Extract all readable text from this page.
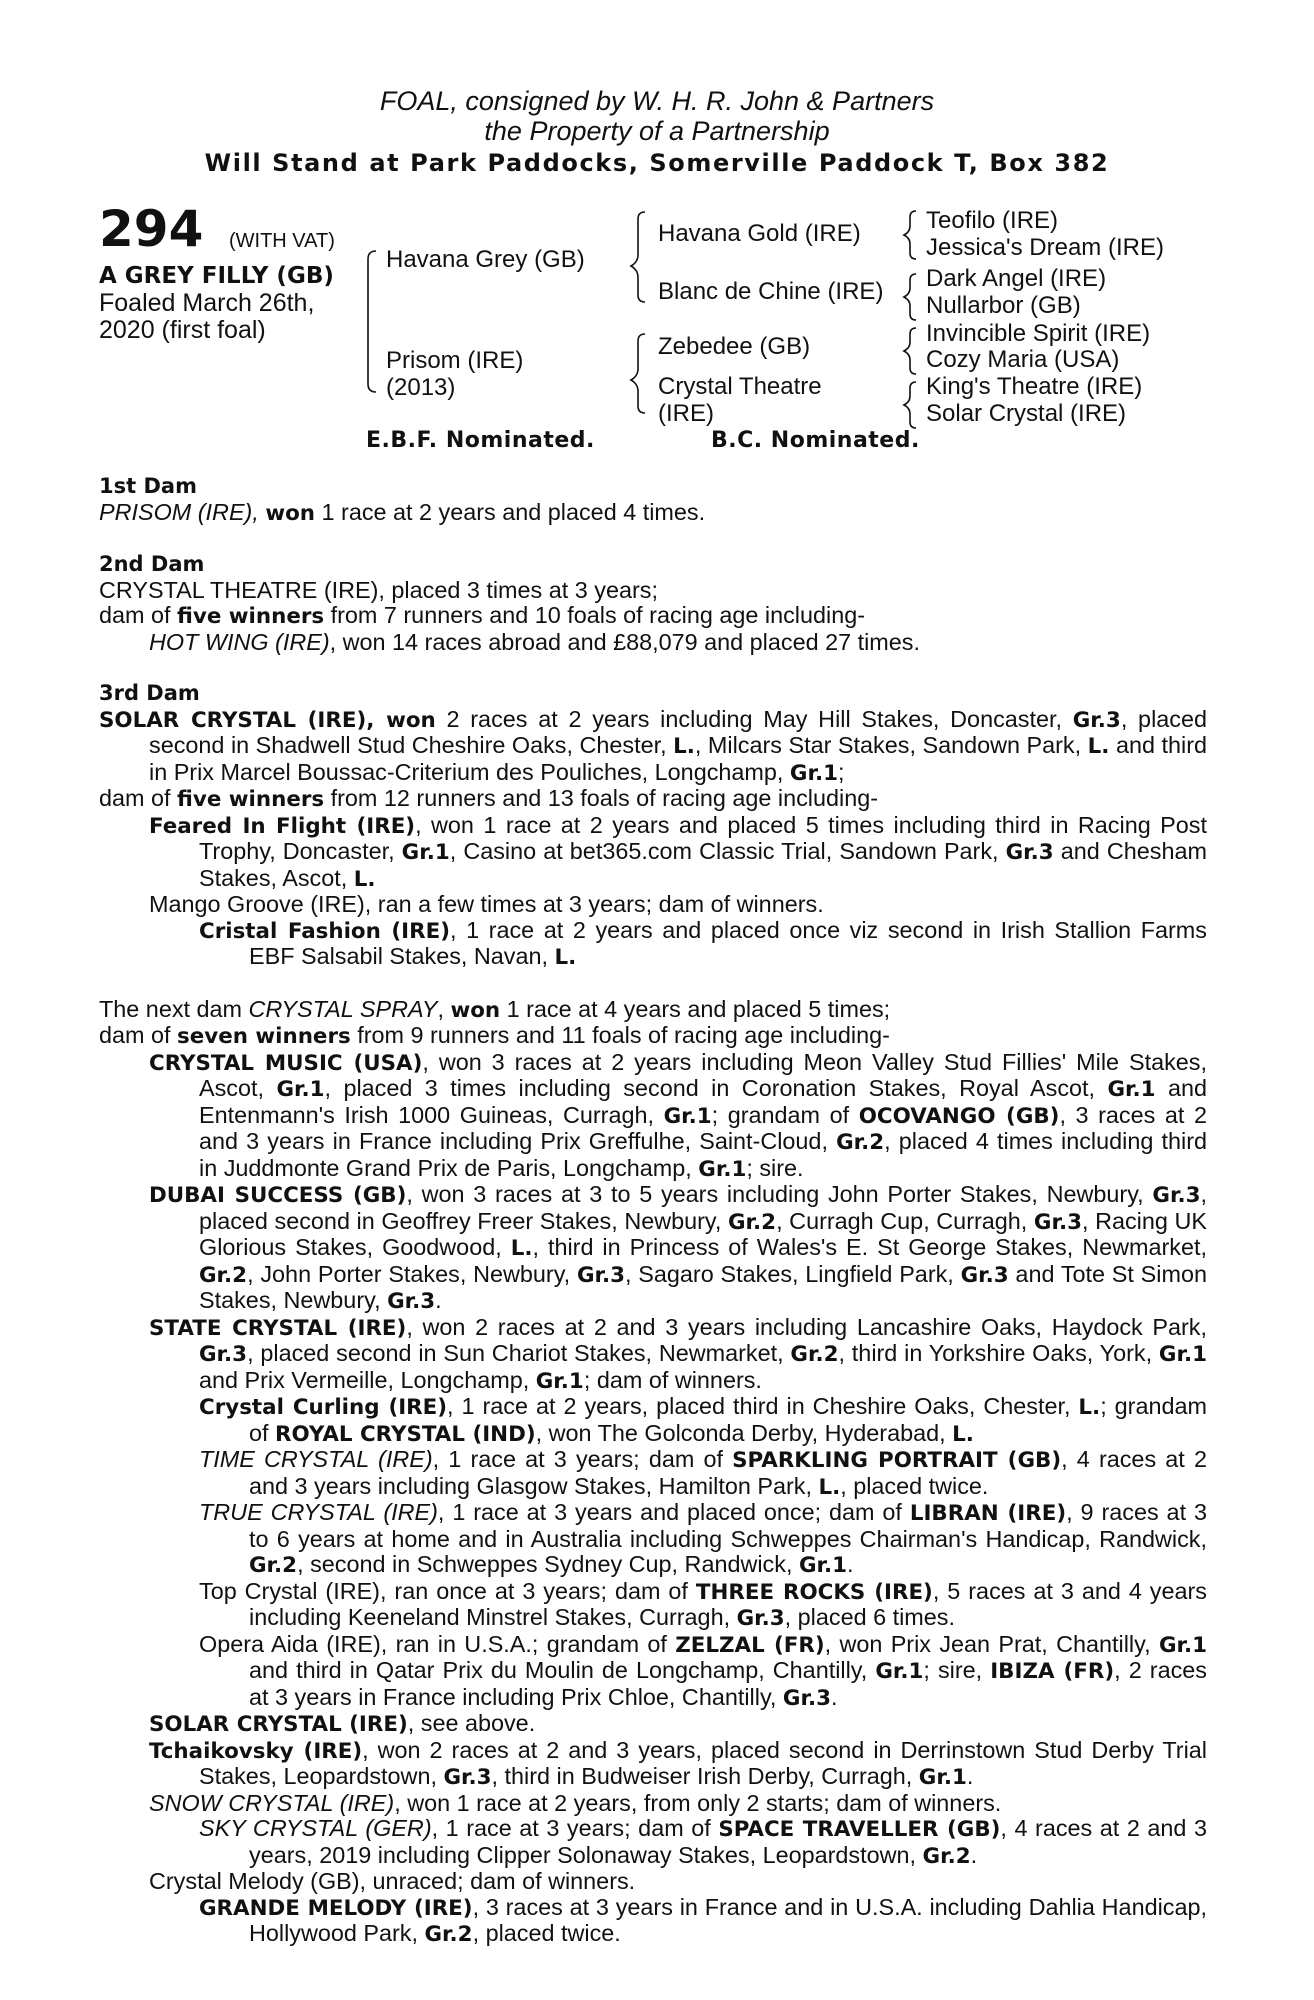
FOAL, consigned by W. H. R. John & Partners
the Property of a Partnership
Will Stand at Park Paddocks, Somerville Paddock T, Box 382
294 (WITH VAT)
A GREY FILLY (GB) Foaled March 26th, 2020 (first foal)
Havana Grey (GB)
Prisom (IRE)
(2013)
Havana Gold (IRE)
Blanc de Chine (IRE)
Zebedee (GB)
Crystal Theatre
(IRE)
Teofilo (IRE)
Jessica's Dream (IRE)
Dark Angel (IRE)
Nullarbor (GB)
Invincible Spirit (IRE)
Cozy Maria (USA)
King's Theatre (IRE)
Solar Crystal (IRE)
E.B.F. Nominated.	B.C. Nominated.
1st Dam
PRISOM (IRE), won 1 race at 2 years and placed 4 times.
2nd Dam
CRYSTAL THEATRE (IRE), placed 3 times at 3 years;
dam of five winners from 7 runners and 10 foals of racing age including-
HOT WING (IRE), won 14 races abroad and £88,079 and placed 27 times.
3rd Dam
SOLAR CRYSTAL (IRE), won 2 races at 2 years including May Hill Stakes, Doncaster, Gr.3, placed second in Shadwell Stud Cheshire Oaks, Chester, L., Milcars Star Stakes, Sandown Park, L. and third in Prix Marcel Boussac-Criterium des Pouliches, Longchamp, Gr.1;
dam of five winners from 12 runners and 13 foals of racing age including-
Feared In Flight (IRE), won 1 race at 2 years and placed 5 times including third in Racing Post Trophy, Doncaster, Gr.1, Casino at bet365.com Classic Trial, Sandown Park, Gr.3 and Chesham Stakes, Ascot, L.
Mango Groove (IRE), ran a few times at 3 years; dam of winners.
Cristal Fashion (IRE), 1 race at 2 years and placed once viz second in Irish Stallion Farms EBF Salsabil Stakes, Navan, L.
The next dam CRYSTAL SPRAY, won 1 race at 4 years and placed 5 times;
dam of seven winners from 9 runners and 11 foals of racing age including-
CRYSTAL MUSIC (USA), won 3 races at 2 years including Meon Valley Stud Fillies' Mile Stakes, Ascot, Gr.1, placed 3 times including second in Coronation Stakes, Royal Ascot, Gr.1 and Entenmann's Irish 1000 Guineas, Curragh, Gr.1; grandam of OCOVANGO (GB), 3 races at 2 and 3 years in France including Prix Greffulhe, Saint-Cloud, Gr.2, placed 4 times including third in Juddmonte Grand Prix de Paris, Longchamp, Gr.1; sire.
DUBAI SUCCESS (GB), won 3 races at 3 to 5 years including John Porter Stakes, Newbury, Gr.3, placed second in Geoffrey Freer Stakes, Newbury, Gr.2, Curragh Cup, Curragh, Gr.3, Racing UK Glorious Stakes, Goodwood, L., third in Princess of Wales's E. St George Stakes, Newmarket, Gr.2, John Porter Stakes, Newbury, Gr.3, Sagaro Stakes, Lingfield Park, Gr.3 and Tote St Simon Stakes, Newbury, Gr.3.
STATE CRYSTAL (IRE), won 2 races at 2 and 3 years including Lancashire Oaks, Haydock Park, Gr.3, placed second in Sun Chariot Stakes, Newmarket, Gr.2, third in Yorkshire Oaks, York, Gr.1 and Prix Vermeille, Longchamp, Gr.1; dam of winners.
Crystal Curling (IRE), 1 race at 2 years, placed third in Cheshire Oaks, Chester, L.; grandam of ROYAL CRYSTAL (IND), won The Golconda Derby, Hyderabad, L.
TIME CRYSTAL (IRE), 1 race at 3 years; dam of SPARKLING PORTRAIT (GB), 4 races at 2 and 3 years including Glasgow Stakes, Hamilton Park, L., placed twice.
TRUE CRYSTAL (IRE), 1 race at 3 years and placed once; dam of LIBRAN (IRE), 9 races at 3 to 6 years at home and in Australia including Schweppes Chairman's Handicap, Randwick, Gr.2, second in Schweppes Sydney Cup, Randwick, Gr.1.
Top Crystal (IRE), ran once at 3 years; dam of THREE ROCKS (IRE), 5 races at 3 and 4 years including Keeneland Minstrel Stakes, Curragh, Gr.3, placed 6 times.
Opera Aida (IRE), ran in U.S.A.; grandam of ZELZAL (FR), won Prix Jean Prat, Chantilly, Gr.1 and third in Qatar Prix du Moulin de Longchamp, Chantilly, Gr.1; sire, IBIZA (FR), 2 races at 3 years in France including Prix Chloe, Chantilly, Gr.3.
SOLAR CRYSTAL (IRE), see above.
Tchaikovsky (IRE), won 2 races at 2 and 3 years, placed second in Derrinstown Stud Derby Trial Stakes, Leopardstown, Gr.3, third in Budweiser Irish Derby, Curragh, Gr.1.
SNOW CRYSTAL (IRE), won 1 race at 2 years, from only 2 starts; dam of winners.
SKY CRYSTAL (GER), 1 race at 3 years; dam of SPACE TRAVELLER (GB), 4 races at 2 and 3 years, 2019 including Clipper Solonaway Stakes, Leopardstown, Gr.2.
Crystal Melody (GB), unraced; dam of winners.
GRANDE MELODY (IRE), 3 races at 3 years in France and in U.S.A. including Dahlia Handicap, Hollywood Park, Gr.2, placed twice.
